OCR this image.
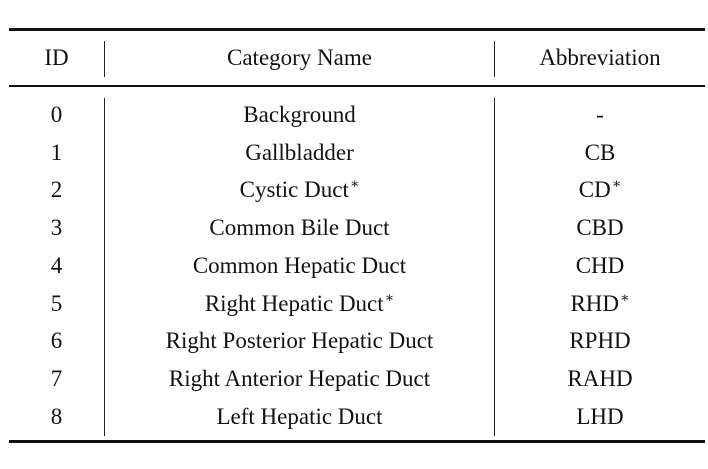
ID	Category Name	Abbreviation
0	Background	-
1	Gallbladder	CB
2	Cystic Duct∗	CD∗
3	Common Bile Duct	CBD
4	Common Hepatic Duct	CHD
5	Right Hepatic Duct∗	RHD∗
6	Right Posterior Hepatic Duct	RPHD
7	Right Anterior Hepatic Duct	RAHD
8	Left Hepatic Duct	LHD
